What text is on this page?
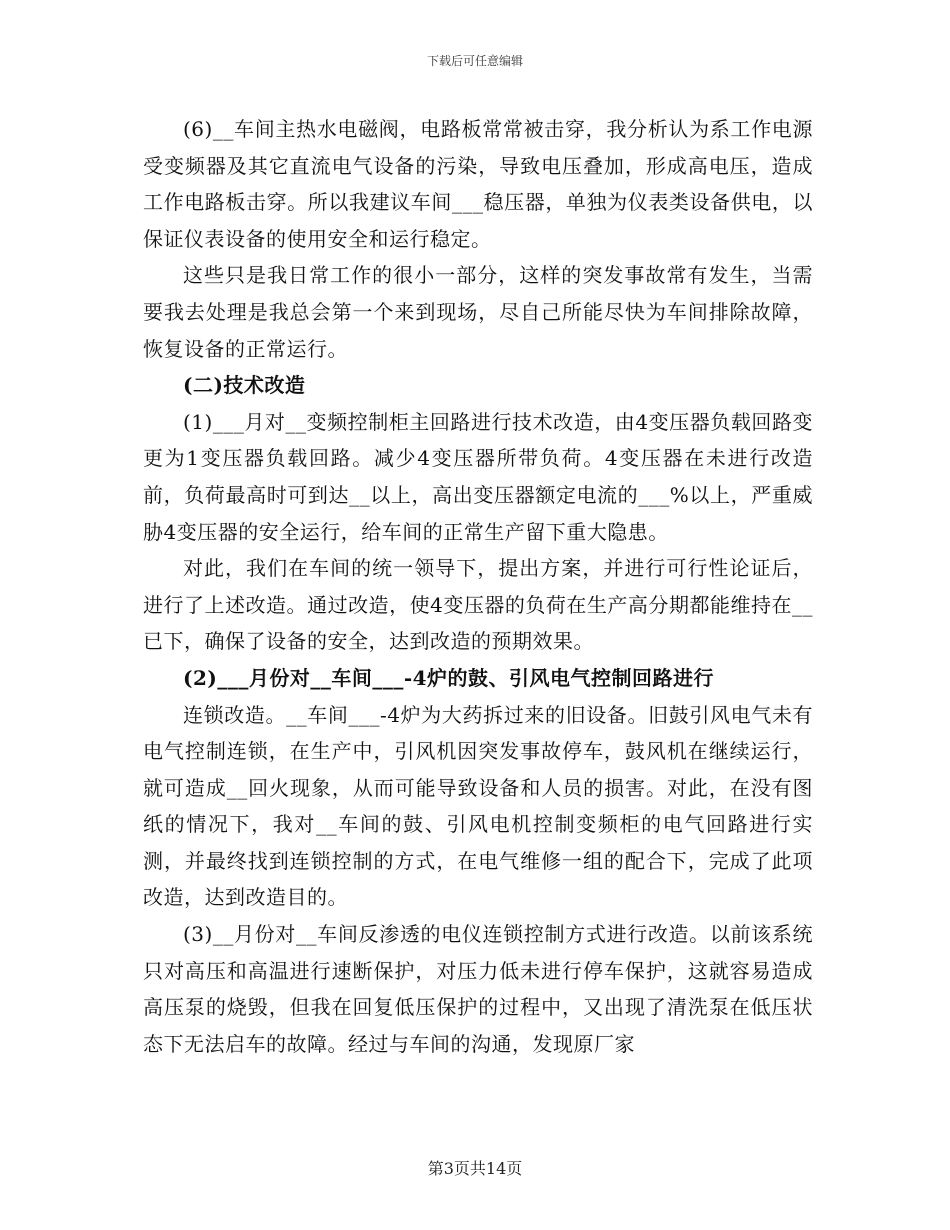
下载后可任意编辑

(6)__车间主热水电磁阀，电路板常常被击穿，我分析认为系工作电源受变频器及其它直流电气设备的污染，导致电压叠加，形成高电压，造成工作电路板击穿。所以我建议车间___稳压器，单独为仪表类设备供电，以保证仪表设备的使用安全和运行稳定。

这些只是我日常工作的很小一部分，这样的突发事故常有发生，当需要我去处理是我总会第一个来到现场，尽自己所能尽快为车间排除故障，恢复设备的正常运行。

(二)技术改造

(1)___月对__变频控制柜主回路进行技术改造，由4变压器负载回路变更为1变压器负载回路。减少4变压器所带负荷。4变压器在未进行改造前，负荷最高时可到达__以上，高出变压器额定电流的___%以上，严重威胁4变压器的安全运行，给车间的正常生产留下重大隐患。

对此，我们在车间的统一领导下，提出方案，并进行可行性论证后，进行了上述改造。通过改造，使4变压器的负荷在生产高分期都能维持在__已下，确保了设备的安全，达到改造的预期效果。

(2)___月份对__车间___-4炉的鼓、引风电气控制回路进行

连锁改造。__车间___-4炉为大药拆过来的旧设备。旧鼓引风电气未有电气控制连锁，在生产中，引风机因突发事故停车，鼓风机在继续运行，就可造成__回火现象，从而可能导致设备和人员的损害。对此，在没有图纸的情况下，我对__车间的鼓、引风电机控制变频柜的电气回路进行实测，并最终找到连锁控制的方式，在电气维修一组的配合下，完成了此项改造，达到改造目的。

(3)__月份对__车间反渗透的电仪连锁控制方式进行改造。以前该系统只对高压和高温进行速断保护，对压力低未进行停车保护，这就容易造成高压泵的烧毁，但我在回复低压保护的过程中，又出现了清洗泵在低压状态下无法启车的故障。经过与车间的沟通，发现原厂家

第3页共14页
